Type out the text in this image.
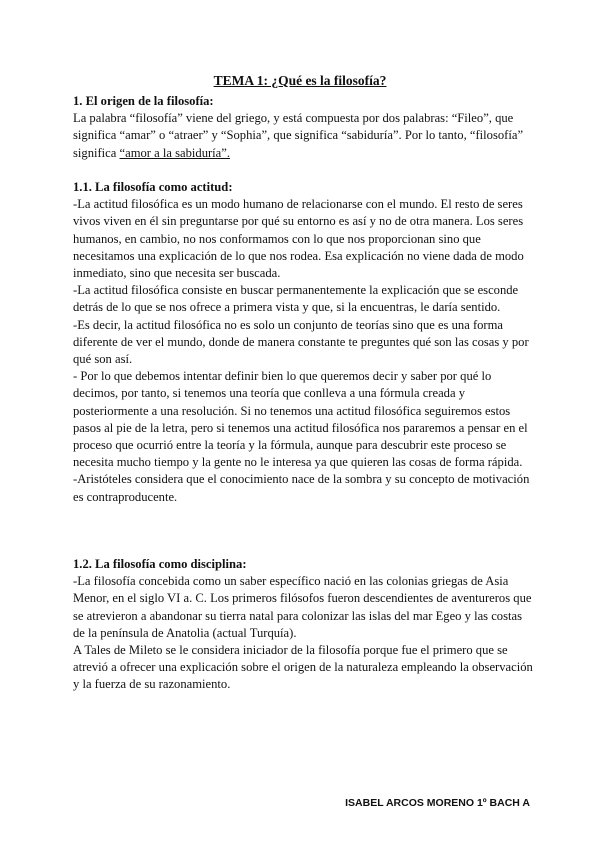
TEMA 1: ¿Qué es la filosofía?

1. El origen de la filosofía:

La palabra “filosofía” viene del griego, y está compuesta por dos palabras: “Fileo”, que significa “amar” o “atraer” y “Sophia”, que significa “sabiduría”. Por lo tanto, “filosofía” significa “amor a la sabiduría”.

1.1. La filosofía como actitud:

-La actitud filosófica es un modo humano de relacionarse con el mundo. El resto de seres vivos viven en él sin preguntarse por qué su entorno es así y no de otra manera. Los seres humanos, en cambio, no nos conformamos con lo que nos proporcionan sino que necesitamos una explicación de lo que nos rodea. Esa explicación no viene dada de modo inmediato, sino que necesita ser buscada.

-La actitud filosófica consiste en buscar permanentemente la explicación que se esconde detrás de lo que se nos ofrece a primera vista y que, si la encuentras, le daría sentido.

-Es decir, la actitud filosófica no es solo un conjunto de teorías sino que es una forma diferente de ver el mundo, donde de manera constante te preguntes qué son las cosas y por qué son así.

- Por lo que debemos intentar definir bien lo que queremos decir y saber por qué lo decimos, por tanto, si tenemos una teoría que conlleva a una fórmula creada y posteriormente a una resolución. Si no tenemos una actitud filosófica seguiremos estos pasos al pie de la letra, pero si tenemos una actitud filosófica nos pararemos a pensar en el proceso que ocurrió entre la teoría y la fórmula, aunque para descubrir este proceso se necesita mucho tiempo y la gente no le interesa ya que quieren las cosas de forma rápida.

-Aristóteles considera que el conocimiento nace de la sombra y su concepto de motivación es contraproducente.

1.2. La filosofía como disciplina:

-La filosofía concebida como un saber específico nació en las colonias griegas de Asia Menor, en el siglo VI a. C. Los primeros filósofos fueron descendientes de aventureros que se atrevieron a abandonar su tierra natal para colonizar las islas del mar Egeo y las costas de la península de Anatolia (actual Turquía).

A Tales de Mileto se le considera iniciador de la filosofía porque fue el primero que se atrevió a ofrecer una explicación sobre el origen de la naturaleza empleando la observación y la fuerza de su razonamiento.

ISABEL ARCOS MORENO 1º BACH A
